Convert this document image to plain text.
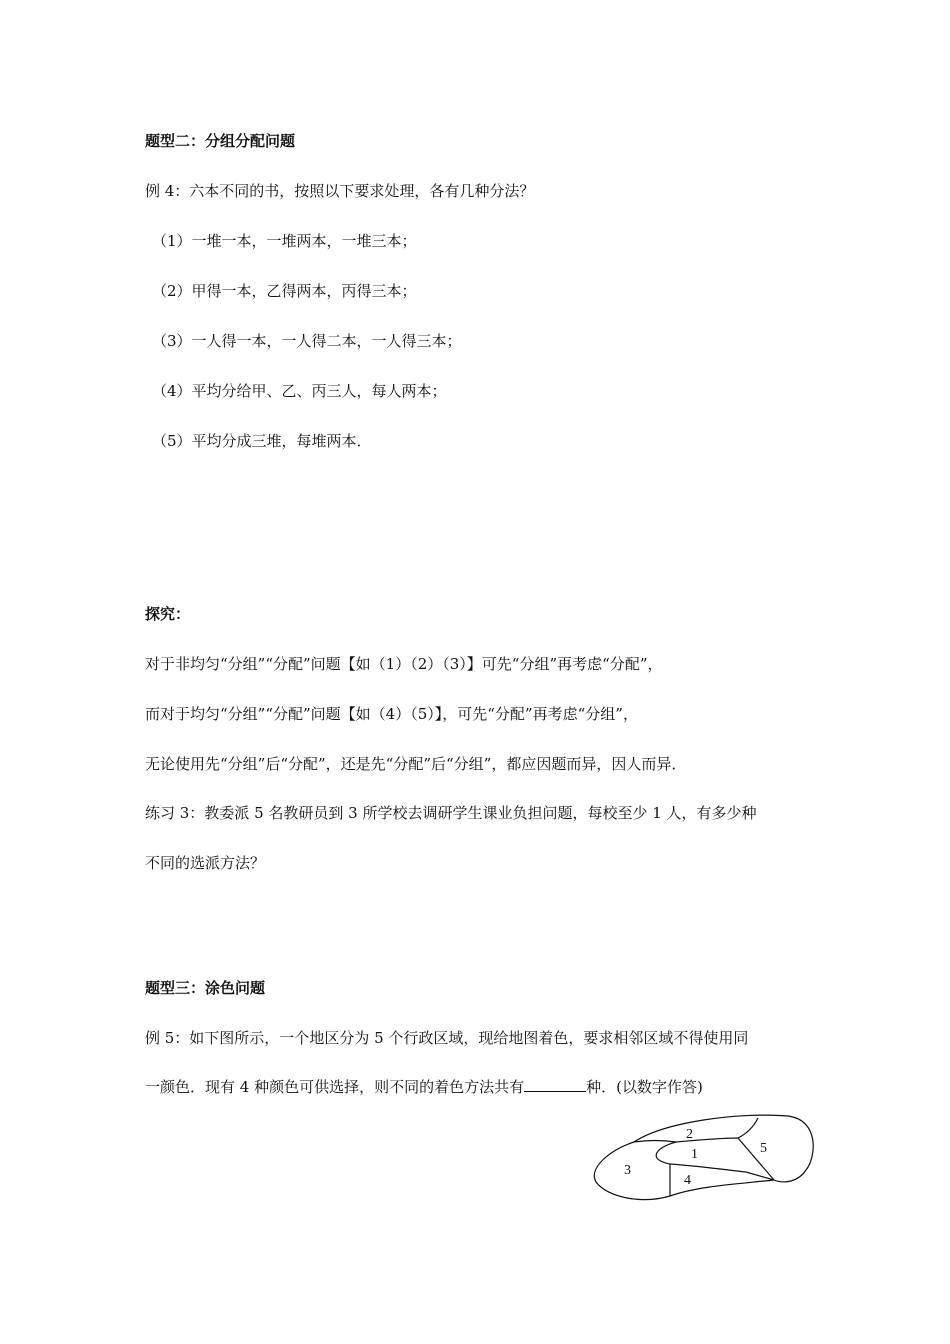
题型二：分组分配问题
例 4：六本不同的书，按照以下要求处理，各有几种分法？
（1）一堆一本，一堆两本，一堆三本；
（2）甲得一本，乙得两本，丙得三本；
（3）一人得一本，一人得二本，一人得三本；
（4）平均分给甲、乙、丙三人，每人两本；
（5）平均分成三堆，每堆两本．
探究：
对于非均匀“分组”“分配”问题【如（1）（2）（3）】可先“分组”再考虑“分配”，
而对于均匀“分组”“分配”问题【如（4）（5）】，可先“分配”再考虑“分组”，
无论使用先“分组”后“分配”，还是先“分配”后“分组”，都应因题而异，因人而异．
练习 3：教委派 5 名教研员到 3 所学校去调研学生课业负担问题，每校至少 1 人，有多少种
不同的选派方法？
题型三：涂色问题
例 5：如下图所示，一个地区分为 5 个行政区域，现给地图着色，要求相邻区域不得使用同
一颜色．现有 4 种颜色可供选择，则不同的着色方法共有	种．(以数字作答)
1
2
3
4
5
